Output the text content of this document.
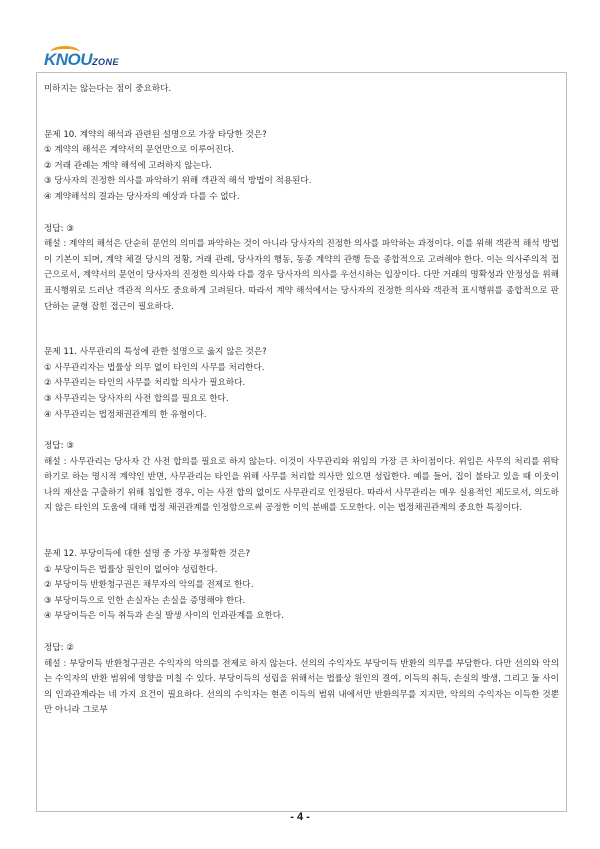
KNOUZONE

미하지는 않는다는 점이 중요하다.

문제 10. 계약의 해석과 관련된 설명으로 가장 타당한 것은?

① 계약의 해석은 계약서의 문언만으로 이루어진다.

② 거래 관례는 계약 해석에 고려하지 않는다.

③ 당사자의 진정한 의사를 파악하기 위해 객관적 해석 방법이 적용된다.

④ 계약해석의 결과는 당사자의 예상과 다를 수 없다.

정답: ③

해설 : 계약의 해석은 단순히 문언의 의미를 파악하는 것이 아니라 당사자의 진정한 의사를 파악하는 과정이다. 이를 위해 객관적 해석 방법이 기본이 되며, 계약 체결 당시의 정황, 거래 관례, 당사자의 행동, 동종 계약의 관행 등을 종합적으로 고려해야 한다. 이는 의사주의적 접근으로서, 계약서의 문언이 당사자의 진정한 의사와 다를 경우 당사자의 의사를 우선시하는 입장이다. 다만 거래의 명확성과 안정성을 위해 표시행위로 드러난 객관적 의사도 중요하게 고려된다. 따라서 계약 해석에서는 당사자의 진정한 의사와 객관적 표시행위를 종합적으로 판단하는 균형 잡힌 접근이 필요하다.

문제 11. 사무관리의 특성에 관한 설명으로 옳지 않은 것은?

① 사무관리자는 법률상 의무 없이 타인의 사무를 처리한다.

② 사무관리는 타인의 사무를 처리할 의사가 필요하다.

③ 사무관리는 당사자의 사전 합의를 필요로 한다.

④ 사무관리는 법정채권관계의 한 유형이다.

정답: ③

해설 : 사무관리는 당사자 간 사전 합의를 필요로 하지 않는다. 이것이 사무관리와 위임의 가장 큰 차이점이다. 위임은 사무의 처리를 위탁하기로 하는 명시적 계약인 반면, 사무관리는 타인을 위해 사무를 처리할 의사만 있으면 성립한다. 예를 들어, 집이 불타고 있을 때 이웃이 나의 재산을 구출하기 위해 침입한 경우, 이는 사전 합의 없이도 사무관리로 인정된다. 따라서 사무관리는 매우 실용적인 제도로서, 의도하지 않은 타인의 도움에 대해 법정 채권관계를 인정함으로써 공정한 이익 분배를 도모한다. 이는 법정채권관계의 중요한 특징이다.

문제 12. 부당이득에 대한 설명 중 가장 부정확한 것은?

① 부당이득은 법률상 원인이 없어야 성립한다.

② 부당이득 반환청구권은 채무자의 악의를 전제로 한다.

③ 부당이득으로 인한 손실자는 손실을 증명해야 한다.

④ 부당이득은 이득 취득과 손실 발생 사이의 인과관계를 요한다.

정답: ②

해설 : 부당이득 반환청구권은 수익자의 악의를 전제로 하지 않는다. 선의의 수익자도 부당이득 반환의 의무를 부담한다. 다만 선의와 악의는 수익자의 반환 범위에 영향을 미칠 수 있다. 부당이득의 성립을 위해서는 법률상 원인의 결여, 이득의 취득, 손실의 발생, 그리고 둘 사이의 인과관계라는 네 가지 요건이 필요하다. 선의의 수익자는 현존 이득의 범위 내에서만 반환의무를 지지만, 악의의 수익자는 이득한 것뿐만 아니라 그로부

- 4 -
